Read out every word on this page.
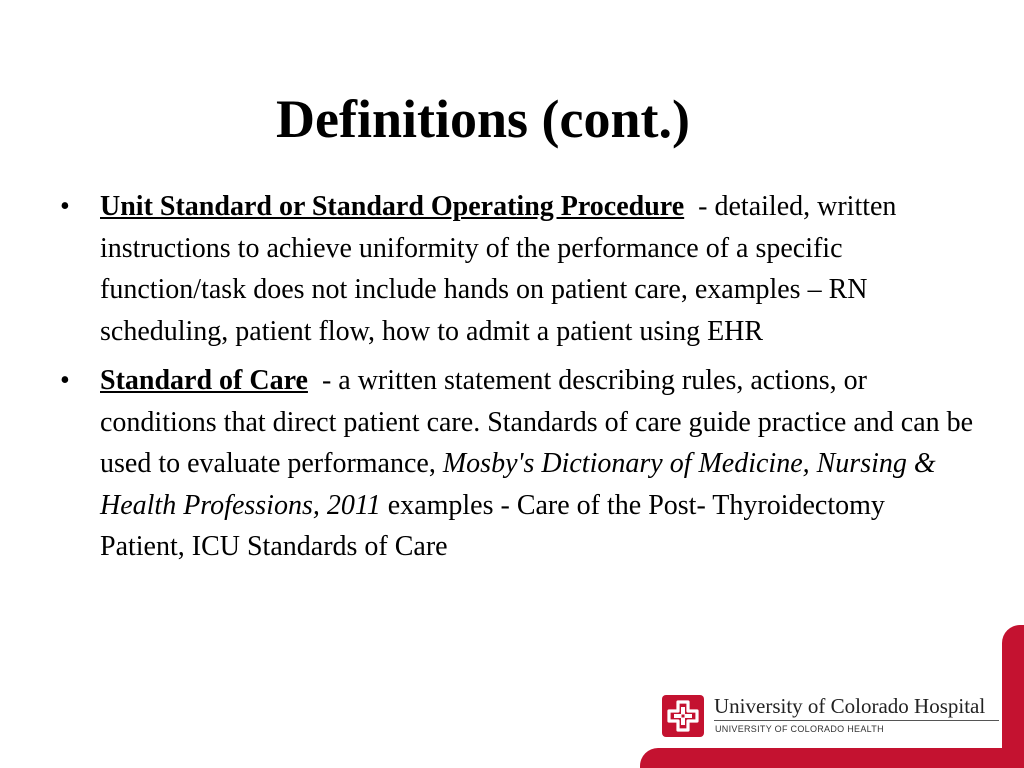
Definitions (cont.)
• Unit Standard or Standard Operating Procedure  - detailed, written instructions to achieve uniformity of the performance of a specific function/task does not include hands on patient care, examples – RN scheduling, patient flow, how to admit a patient using EHR
• Standard of Care  - a written statement describing rules, actions, or conditions that direct patient care. Standards of care guide practice and can be used to evaluate performance, Mosby's Dictionary of Medicine, Nursing & Health Professions, 2011 examples - Care of the Post- Thyroidectomy Patient, ICU Standards of Care
University of Colorado Hospital
UNIVERSITY OF COLORADO HEALTH
